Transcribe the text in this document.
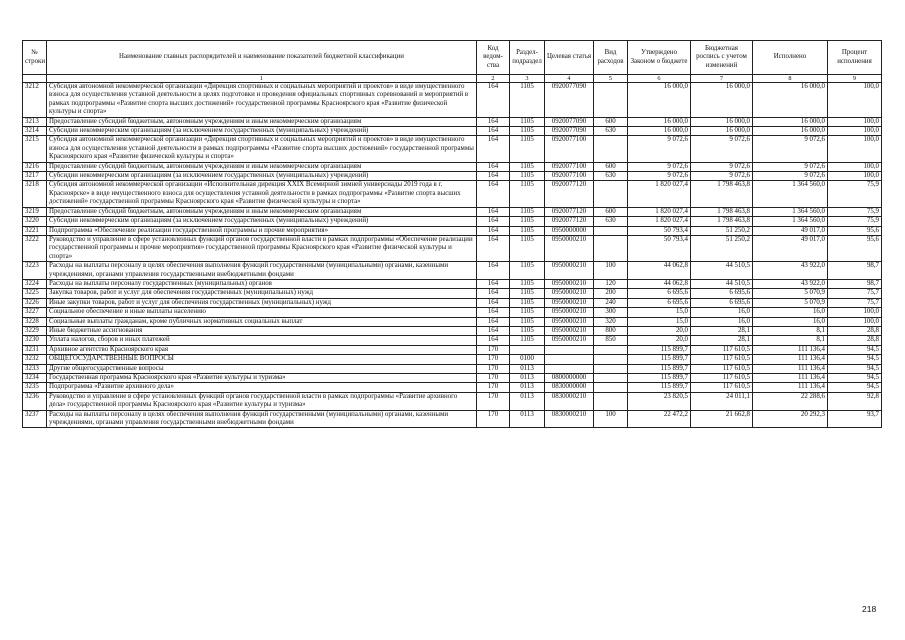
№ строки	Наименование главных распорядителей и наименование показателей бюджетной классификации	Код ведом-ства	Раздел-подраздел	Целевая статья	Вид расходов	Утверждено Законом о бюджете	Бюджетная роспись с учетом изменений	Исполнено	Процент исполнения
	1	2	3	4	5	6	7	8	9
3212	Субсидия автономной некоммерческой организации «Дирекция спортивных и социальных мероприятий и проектов» в виде имущественного взноса для осуществления уставной деятельности в целях подготовки и проведения официальных спортивных соревнований и мероприятий в рамках подпрограммы «Развитие спорта высших достижений» государственной программы Красноярского края «Развитие физической культуры и спорта»	164	1105	0920077090		16 000,0	16 000,0	16 000,0	100,0
3213	Предоставление субсидий бюджетным, автономным учреждениям и иным некоммерческим организациям	164	1105	0920077090	600	16 000,0	16 000,0	16 000,0	100,0
3214	Субсидии некоммерческим организациям (за исключением государственных (муниципальных) учреждений)	164	1105	0920077090	630	16 000,0	16 000,0	16 000,0	100,0
3215	Субсидия автономной некоммерческой организации «Дирекция спортивных и социальных мероприятий и проектов» в виде имущественного взноса для осуществления уставной деятельности в рамках подпрограммы «Развитие спорта высших достижений» государственной программы Красноярского края «Развитие физической культуры и спорта»	164	1105	0920077100		9 072,6	9 072,6	9 072,6	100,0
3216	Предоставление субсидий бюджетным, автономным учреждениям и иным некоммерческим организациям	164	1105	0920077100	600	9 072,6	9 072,6	9 072,6	100,0
3217	Субсидии некоммерческим организациям (за исключением государственных (муниципальных) учреждений)	164	1105	0920077100	630	9 072,6	9 072,6	9 072,6	100,0
3218	Субсидия автономной некоммерческой организации «Исполнительная дирекция XXIX Всемирной зимней универсиады 2019 года в г. Красноярске» в виде имущественного взноса для осуществления уставной деятельности в рамках подпрограммы «Развитие спорта высших достижений» государственной программы Красноярского края «Развитие физической культуры и спорта»	164	1105	0920077120		1 820 027,4	1 798 463,8	1 364 560,0	75,9
3219	Предоставление субсидий бюджетным, автономным учреждениям и иным некоммерческим организациям	164	1105	0920077120	600	1 820 027,4	1 798 463,8	1 364 560,0	75,9
3220	Субсидии некоммерческим организациям (за исключением государственных (муниципальных) учреждений)	164	1105	0920077120	630	1 820 027,4	1 798 463,8	1 364 560,0	75,9
3221	Подпрограмма «Обеспечение реализации государственной программы и прочие мероприятия»	164	1105	0950000000		50 793,4	51 250,2	49 017,0	95,6
3222	Руководство и управление в сфере установленных функций органов государственной власти в рамках подпрограммы «Обеспечение реализации государственной программы и прочие мероприятия» государственной программы Красноярского края «Развитие физической культуры и спорта»	164	1105	0950000210		50 793,4	51 250,2	49 017,0	95,6
3223	Расходы на выплаты персоналу в целях обеспечения выполнения функций государственными (муниципальными) органами, казенными учреждениями, органами управления государственными внебюджетными фондами	164	1105	0950000210	100	44 062,8	44 510,5	43 922,0	98,7
3224	Расходы на выплаты персоналу государственных (муниципальных) органов	164	1105	0950000210	120	44 062,8	44 510,5	43 922,0	98,7
3225	Закупка товаров, работ и услуг для обеспечения государственных (муниципальных) нужд	164	1105	0950000210	200	6 695,6	6 695,6	5 070,9	75,7
3226	Иные закупки товаров, работ и услуг для обеспечения государственных (муниципальных) нужд	164	1105	0950000210	240	6 695,6	6 695,6	5 070,9	75,7
3227	Социальное обеспечение и иные выплаты населению	164	1105	0950000210	300	15,0	16,0	16,0	100,0
3228	Социальные выплаты гражданам, кроме публичных нормативных социальных выплат	164	1105	0950000210	320	15,0	16,0	16,0	100,0
3229	Иные бюджетные ассигнования	164	1105	0950000210	800	20,0	28,1	8,1	28,8
3230	Уплата налогов, сборов и иных платежей	164	1105	0950000210	850	20,0	28,1	8,1	28,8
3231	Архивное агентство Красноярского края	170				115 899,7	117 610,5	111 136,4	94,5
3232	ОБЩЕГОСУДАРСТВЕННЫЕ ВОПРОСЫ	170	0100			115 899,7	117 610,5	111 136,4	94,5
3233	Другие общегосударственные вопросы	170	0113			115 899,7	117 610,5	111 136,4	94,5
3234	Государственная программа Красноярского края «Развитие культуры и туризма»	170	0113	0800000000		115 899,7	117 610,5	111 136,4	94,5
3235	Подпрограмма «Развитие архивного дела»	170	0113	0830000000		115 899,7	117 610,5	111 136,4	94,5
3236	Руководство и управление в сфере установленных функций органов государственной власти в рамках подпрограммы «Развитие архивного дела» государственной программы Красноярского края «Развитие культуры и туризма»	170	0113	0830000210		23 820,5	24 011,1	22 288,6	92,8
3237	Расходы на выплаты персоналу в целях обеспечения выполнения функций государственными (муниципальными) органами, казенными учреждениями, органами управления государственными внебюджетными фондами	170	0113	0830000210	100	22 472,2	21 662,8	20 292,3	93,7
218
